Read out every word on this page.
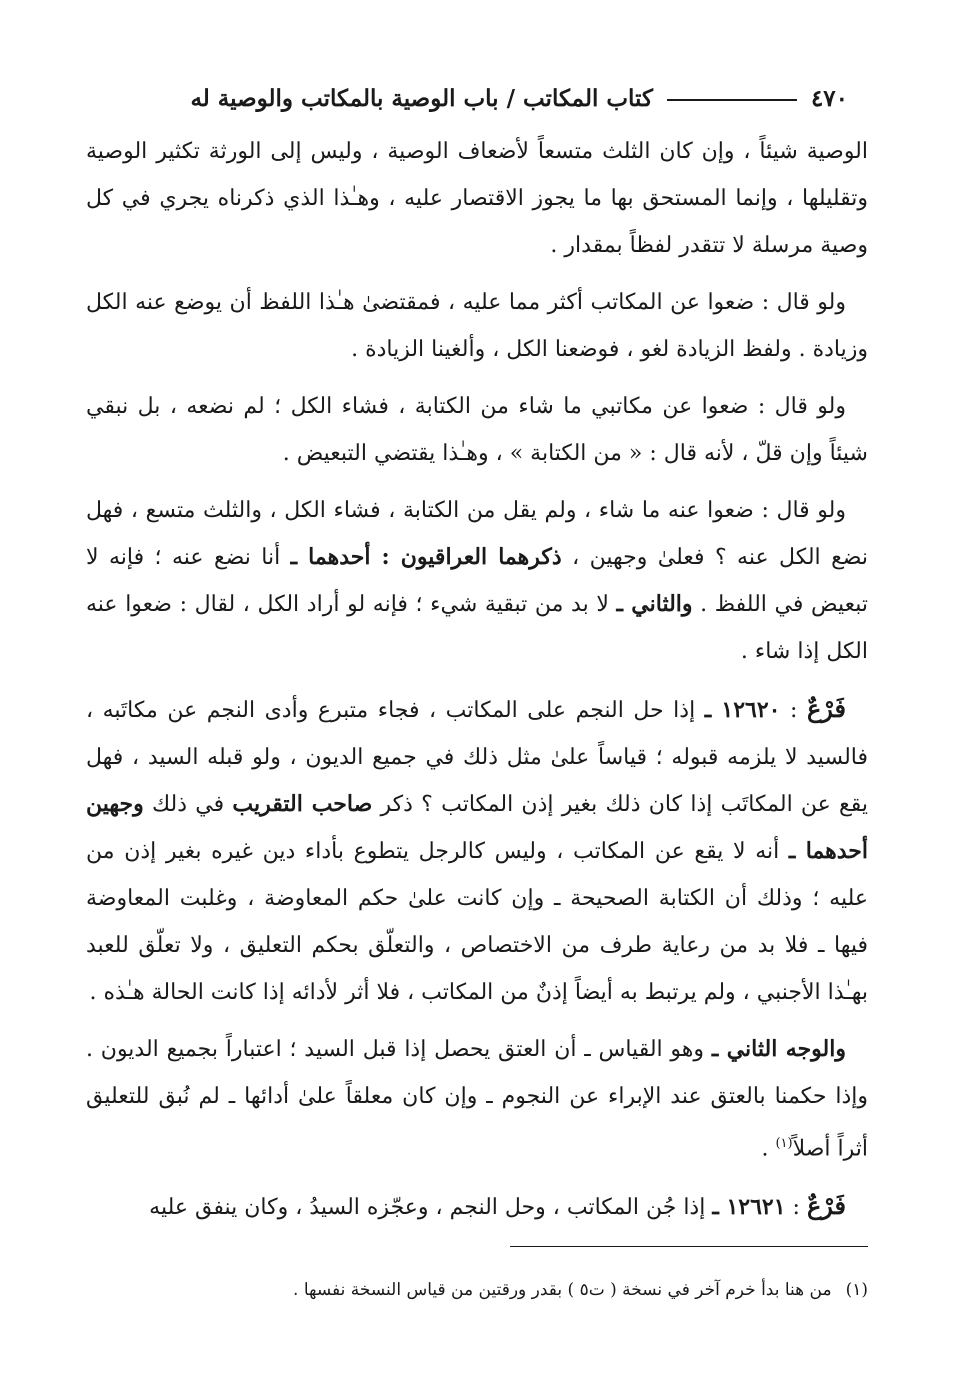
٤٧٠
كتاب المكاتب / باب الوصية بالمكاتب والوصية له

الوصية شيئاً ، وإن كان الثلث متسعاً لأضعاف الوصية ، وليس إلى الورثة تكثير الوصية وتقليلها ، وإنما المستحق بها ما يجوز الاقتصار عليه ، وهـٰذا الذي ذكرناه يجري في كل وصية مرسلة لا تتقدر لفظاً بمقدار .

ولو قال : ضعوا عن المكاتب أكثر مما عليه ، فمقتضىٰ هـٰذا اللفظ أن يوضع عنه الكل وزيادة . ولفظ الزيادة لغو ، فوضعنا الكل ، وألغينا الزيادة .

ولو قال : ضعوا عن مكاتبي ما شاء من الكتابة ، فشاء الكل ؛ لم نضعه ، بل نبقي شيئاً وإن قلّ ، لأنه قال : « من الكتابة » ، وهـٰذا يقتضي التبعيض .

ولو قال : ضعوا عنه ما شاء ، ولم يقل من الكتابة ، فشاء الكل ، والثلث متسع ، فهل نضع الكل عنه ؟ فعلىٰ وجهين ، ذكرهما العراقيون : أحدهما ـ أنا نضع عنه ؛ فإنه لا تبعيض في اللفظ . والثاني ـ لا بد من تبقية شيء ؛ فإنه لو أراد الكل ، لقال : ضعوا عنه الكل إذا شاء .

فَرْعٌ : ١٢٦٢٠ ـ إذا حل النجم على المكاتب ، فجاء متبرع وأدى النجم عن مكاتَبه ، فالسيد لا يلزمه قبوله ؛ قياساً علىٰ مثل ذلك في جميع الديون ، ولو قبله السيد ، فهل يقع عن المكاتَب إذا كان ذلك بغير إذن المكاتب ؟ ذكر صاحب التقريب في ذلك وجهين أحدهما ـ أنه لا يقع عن المكاتب ، وليس كالرجل يتطوع بأداء دين غيره بغير إذن من عليه ؛ وذلك أن الكتابة الصحيحة ـ وإن كانت علىٰ حكم المعاوضة ، وغلبت المعاوضة فيها ـ فلا بد من رعاية طرف من الاختصاص ، والتعلّق بحكم التعليق ، ولا تعلّق للعبد بهـٰذا الأجنبي ، ولم يرتبط به أيضاً إذنٌ من المكاتب ، فلا أثر لأدائه إذا كانت الحالة هـٰذه .

والوجه الثاني ـ وهو القياس ـ أن العتق يحصل إذا قبل السيد ؛ اعتباراً بجميع الديون . وإذا حكمنا بالعتق عند الإبراء عن النجوم ـ وإن كان معلقاً علىٰ أدائها ـ لم نُبق للتعليق أثراً أصلاً$^{(١)}$ .

فَرْعٌ : ١٢٦٢١ ـ إذا جُن المكاتب ، وحل النجم ، وعجّزه السيدُ ، وكان ينفق عليه

(١)من هنا بدأ خرم آخر في نسخة ( ت٥ ) بقدر ورقتين من قياس النسخة نفسها .
